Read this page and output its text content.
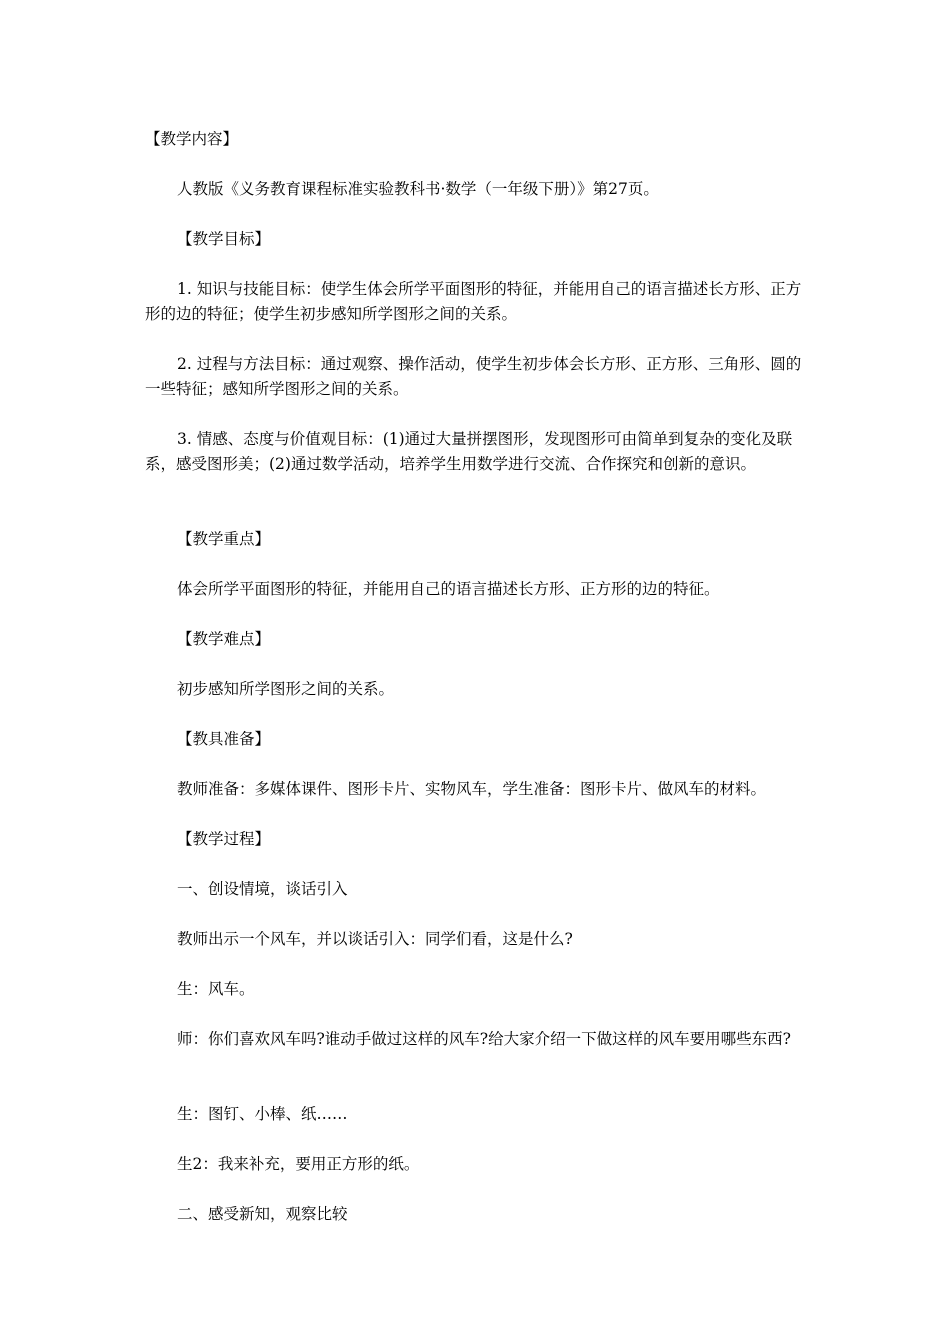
【教学内容】

人教版《义务教育课程标准实验教科书·数学（一年级下册）》第27页。

【教学目标】

1. 知识与技能目标：使学生体会所学平面图形的特征，并能用自己的语言描述长方形、正方形的边的特征；使学生初步感知所学图形之间的关系。

2. 过程与方法目标：通过观察、操作活动，使学生初步体会长方形、正方形、三角形、圆的一些特征；感知所学图形之间的关系。

3. 情感、态度与价值观目标：(1)通过大量拼摆图形，发现图形可由简单到复杂的变化及联系，感受图形美；(2)通过数学活动，培养学生用数学进行交流、合作探究和创新的意识。

【教学重点】

体会所学平面图形的特征，并能用自己的语言描述长方形、正方形的边的特征。

【教学难点】

初步感知所学图形之间的关系。

【教具准备】

教师准备：多媒体课件、图形卡片、实物风车，学生准备：图形卡片、做风车的材料。

【教学过程】

一、创设情境，谈话引入

教师出示一个风车，并以谈话引入：同学们看，这是什么?

生：风车。

师：你们喜欢风车吗?谁动手做过这样的风车?给大家介绍一下做这样的风车要用哪些东西?

生：图钉、小棒、纸……

生2：我来补充，要用正方形的纸。

二、感受新知，观察比较
